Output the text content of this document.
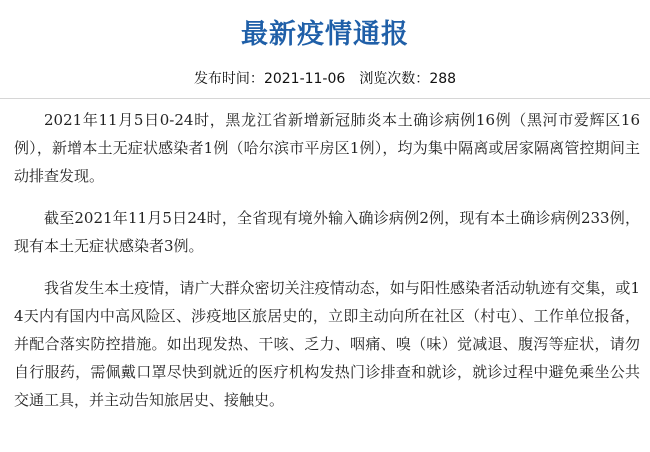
最新疫情通报
发布时间：2021-11-06 浏览次数：288

2021年11月5日0-24时，黑龙江省新增新冠肺炎本土确诊病例16例（黑河市爱辉区16例），新增本土无症状感染者1例（哈尔滨市平房区1例），均为集中隔离或居家隔离管控期间主动排查发现。

截至2021年11月5日24时，全省现有境外输入确诊病例2例，现有本土确诊病例233例，现有本土无症状感染者3例。

我省发生本土疫情，请广大群众密切关注疫情动态，如与阳性感染者活动轨迹有交集，或14天内有国内中高风险区、涉疫地区旅居史的，立即主动向所在社区（村屯）、工作单位报备，并配合落实防控措施。如出现发热、干咳、乏力、咽痛、嗅（味）觉减退、腹泻等症状，请勿自行服药，需佩戴口罩尽快到就近的医疗机构发热门诊排查和就诊，就诊过程中避免乘坐公共交通工具，并主动告知旅居史、接触史。
